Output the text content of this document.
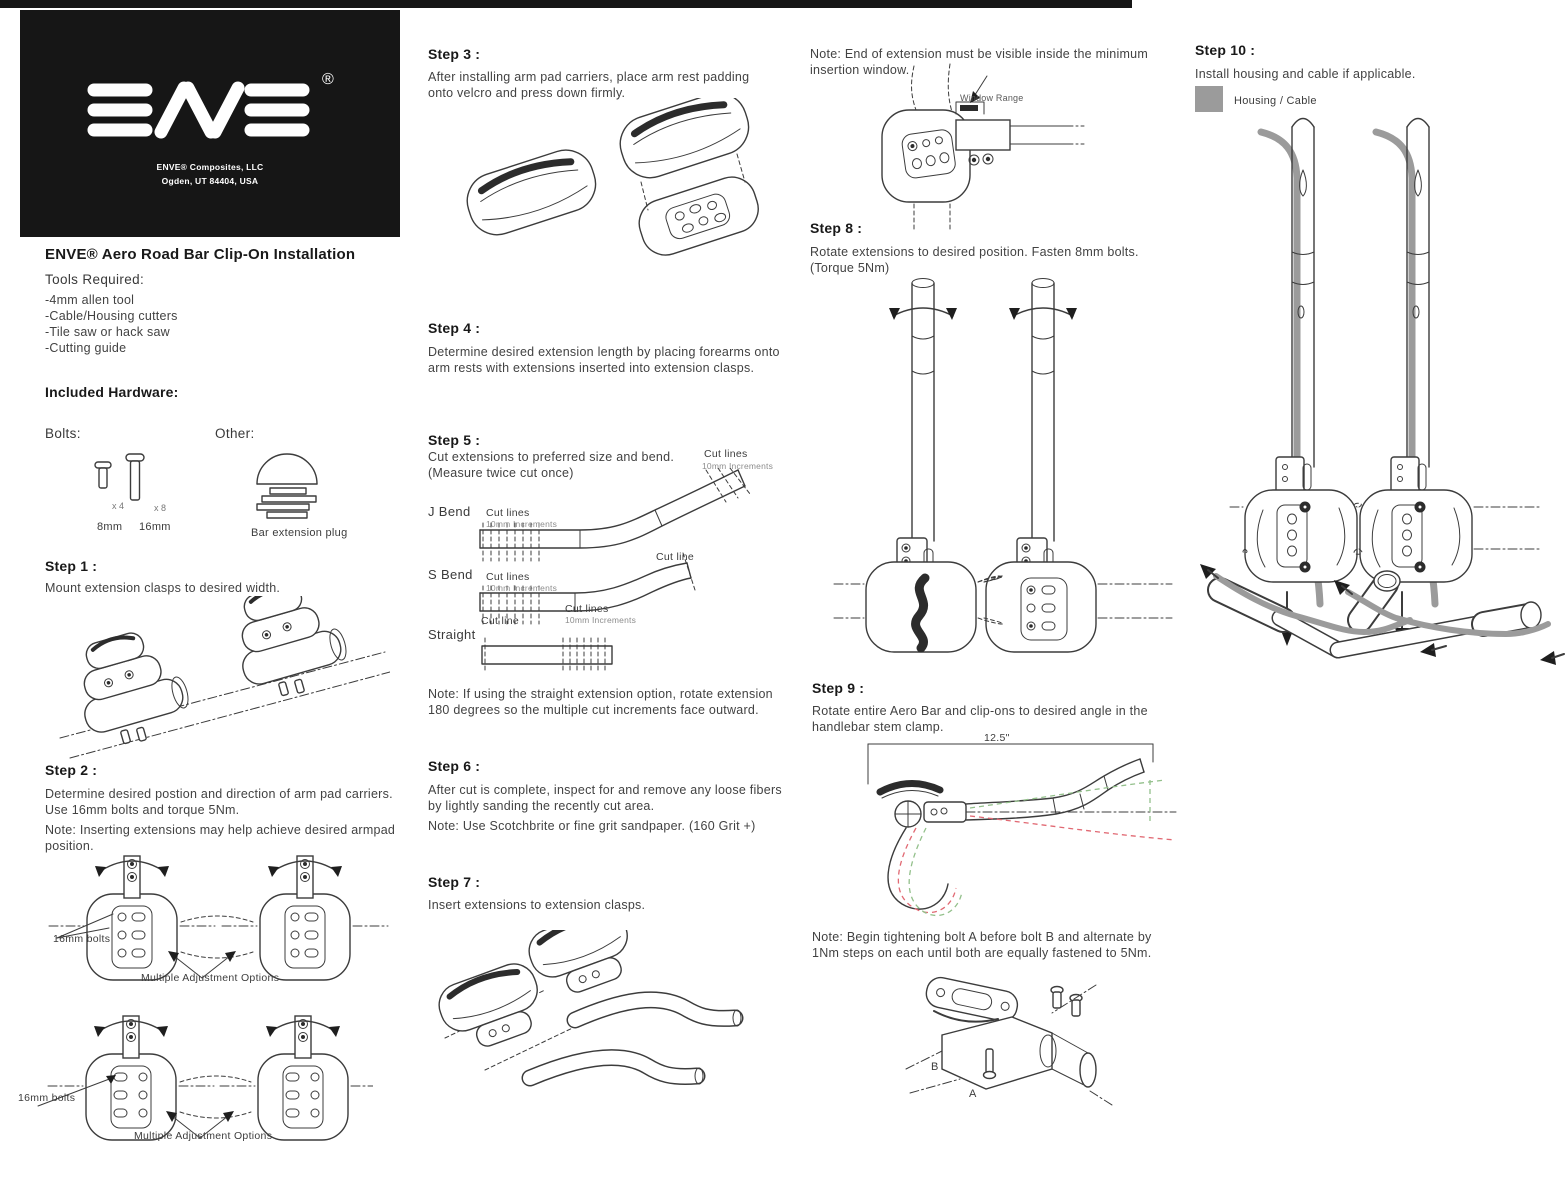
®
ENVE® Composites, LLC
Ogden, UT 84404, USA
ENVE® Aero Road Bar Clip-On Installation
Tools Required:
-4mm allen tool
-Cable/Housing cutters
-Tile saw or hack saw
-Cutting guide
Included Hardware:
Bolts:	Other:
x 4	x 8
8mm 16mm	Bar extension plug
Step 1 :
Mount extension clasps to desired width.
Step 2 :
Determine desired postion and direction of arm pad carriers.
Use 16mm bolts and torque 5Nm.
Note: Inserting extensions may help achieve desired armpad
position.
16mm bolts
Multiple Adjustment Options
16mm bolts
Multiple Adjustment Options
Step 3 :
After installing arm pad carriers, place arm rest padding
onto velcro and press down firmly.
Step 4 :
Determine desired extension length by placing forearms onto
arm rests with extensions inserted into extension clasps.
Step 5 :
Cut extensions to preferred size and bend.
(Measure twice cut once)
Cut lines
10mm Increments
J Bend Cut lines
10mm Increments
S Bend Cut lines
10mm Increments
Cut line
Straight
Cut line
Cut lines
10mm Increments
Note: If using the straight extension option, rotate extension
180 degrees so the multiple cut increments face outward.
Step 6 :
After cut is complete, inspect for and remove any loose fibers
by lightly sanding the recently cut area.
Note: Use Scotchbrite or fine grit sandpaper. (160 Grit +)
Step 7 :
Insert extensions to extension clasps.
Note: End of extension must be visible inside the minimum
insertion window.
Window Range
Step 8 :
Rotate extensions to desired position. Fasten 8mm bolts.
(Torque 5Nm)
Step 9 :
Rotate entire Aero Bar and clip-ons to desired angle in the
handlebar stem clamp.
12.5"
Note: Begin tightening bolt A before bolt B and alternate by
1Nm steps on each until both are equally fastened to 5Nm.
B
A
Step 10 :
Install housing and cable if applicable.
Housing / Cable
